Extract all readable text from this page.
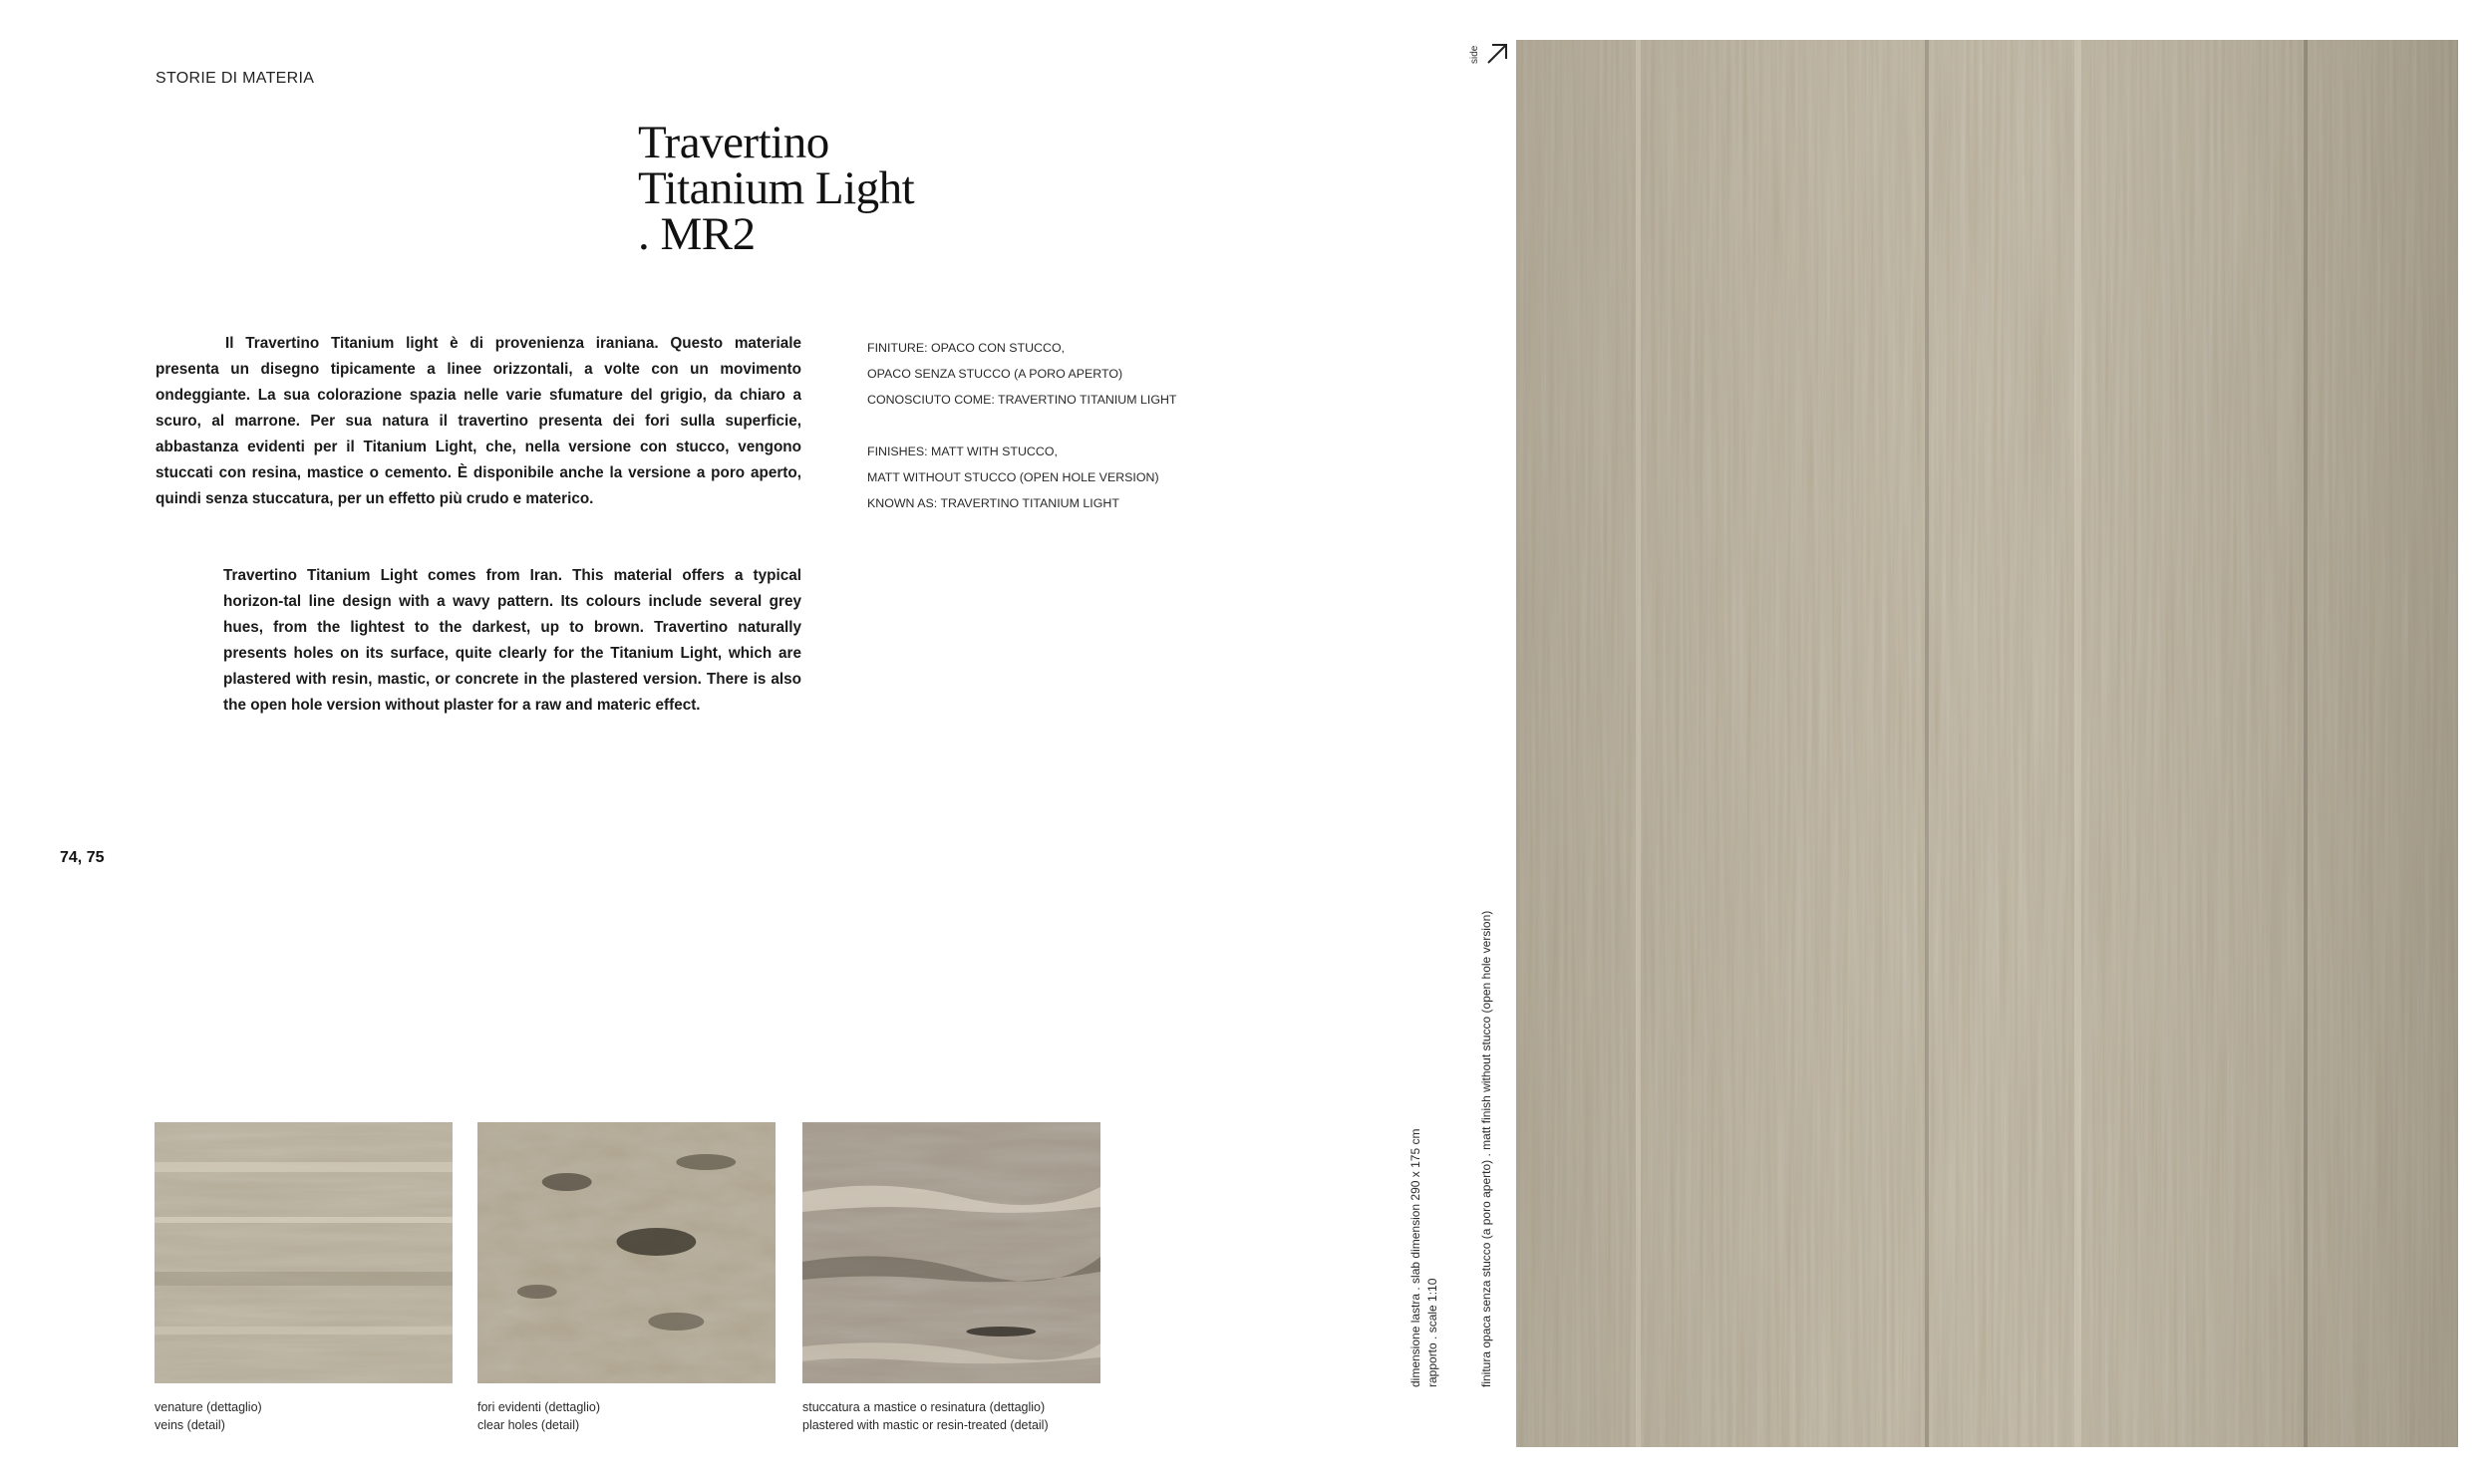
STORIE DI MATERIA
Travertino
Titanium Light
. MR2
Il Travertino Titanium light è di provenienza iraniana. Questo materiale presenta un disegno tipicamente a linee orizzontali, a volte con un movimento ondeggiante. La sua colorazione spazia nelle varie sfumature del grigio, da chiaro a scuro, al marrone. Per sua natura il travertino presenta dei fori sulla superficie, abbastanza evidenti per il Titanium Light, che, nella versione con stucco, vengono stuccati con resina, mastice o cemento. È disponibile anche la versione a poro aperto, quindi senza stuccatura, per un effetto più crudo e materico.
Travertino Titanium Light comes from Iran. This material offers a typical horizon-tal line design with a wavy pattern. Its colours include several grey hues, from the lightest to the darkest, up to brown. Travertino naturally presents holes on its surface, quite clearly for the Titanium Light, which are plastered with resin, mastic, or concrete in the plastered version. There is also the open hole version without plaster for a raw and materic effect.
FINITURE: OPACO CON STUCCO,
OPACO SENZA STUCCO (A PORO APERTO)
CONOSCIUTO COME: TRAVERTINO TITANIUM LIGHT
FINISHES: MATT WITH STUCCO,
MATT WITHOUT STUCCO (OPEN HOLE VERSION)
KNOWN AS: TRAVERTINO TITANIUM LIGHT
74, 75
venature (dettaglio)
veins (detail)
fori evidenti (dettaglio)
clear holes (detail)
stuccatura a mastice o resinatura (dettaglio)
plastered with mastic or resin-treated (detail)
dimensione lastra . slab dimension 290 x 175 cm rapporto . scale 1:10	finitura opaca senza stucco (a poro aperto) . matt finish without stucco (open hole version)
side
